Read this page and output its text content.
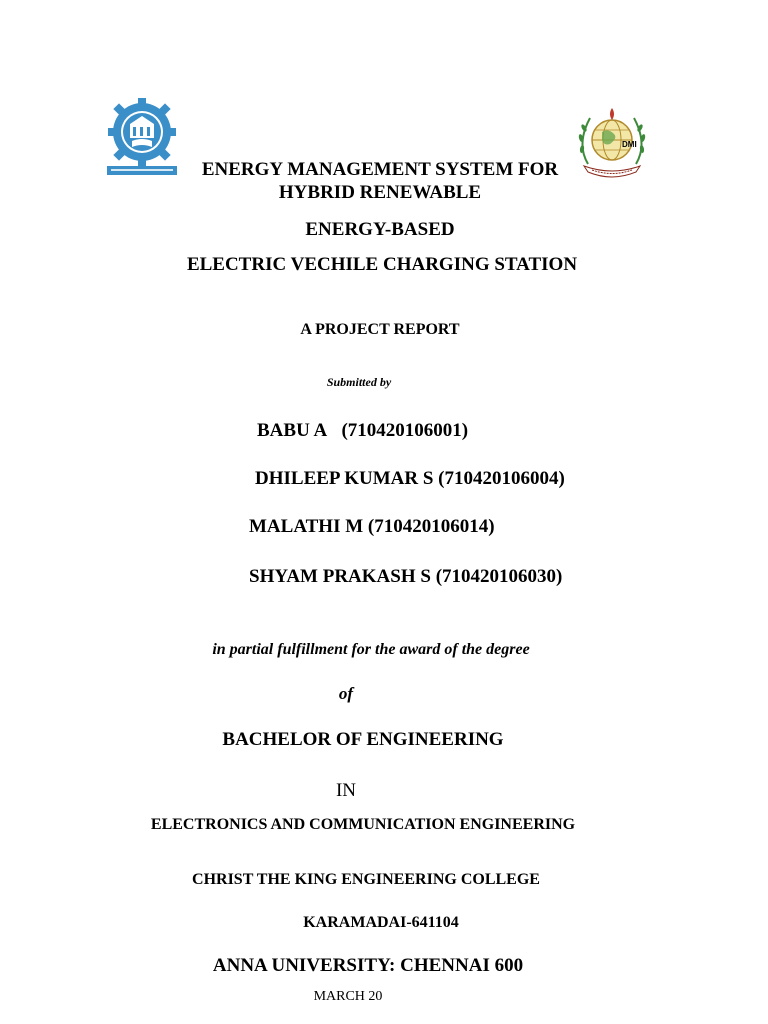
DMI
ENERGY MANAGEMENT SYSTEM FOR
HYBRID RENEWABLE
ENERGY-BASED
ELECTRIC VECHILE CHARGING STATION
A PROJECT REPORT
Submitted by
BABU A (710420106001)
DHILEEP KUMAR S (710420106004)
MALATHI M (710420106014)
SHYAM PRAKASH S (710420106030)
in partial fulfillment for the award of the degree
of
BACHELOR OF ENGINEERING
IN
ELECTRONICS AND COMMUNICATION ENGINEERING
CHRIST THE KING ENGINEERING COLLEGE
KARAMADAI-641104
ANNA UNIVERSITY: CHENNAI 600
MARCH 20
